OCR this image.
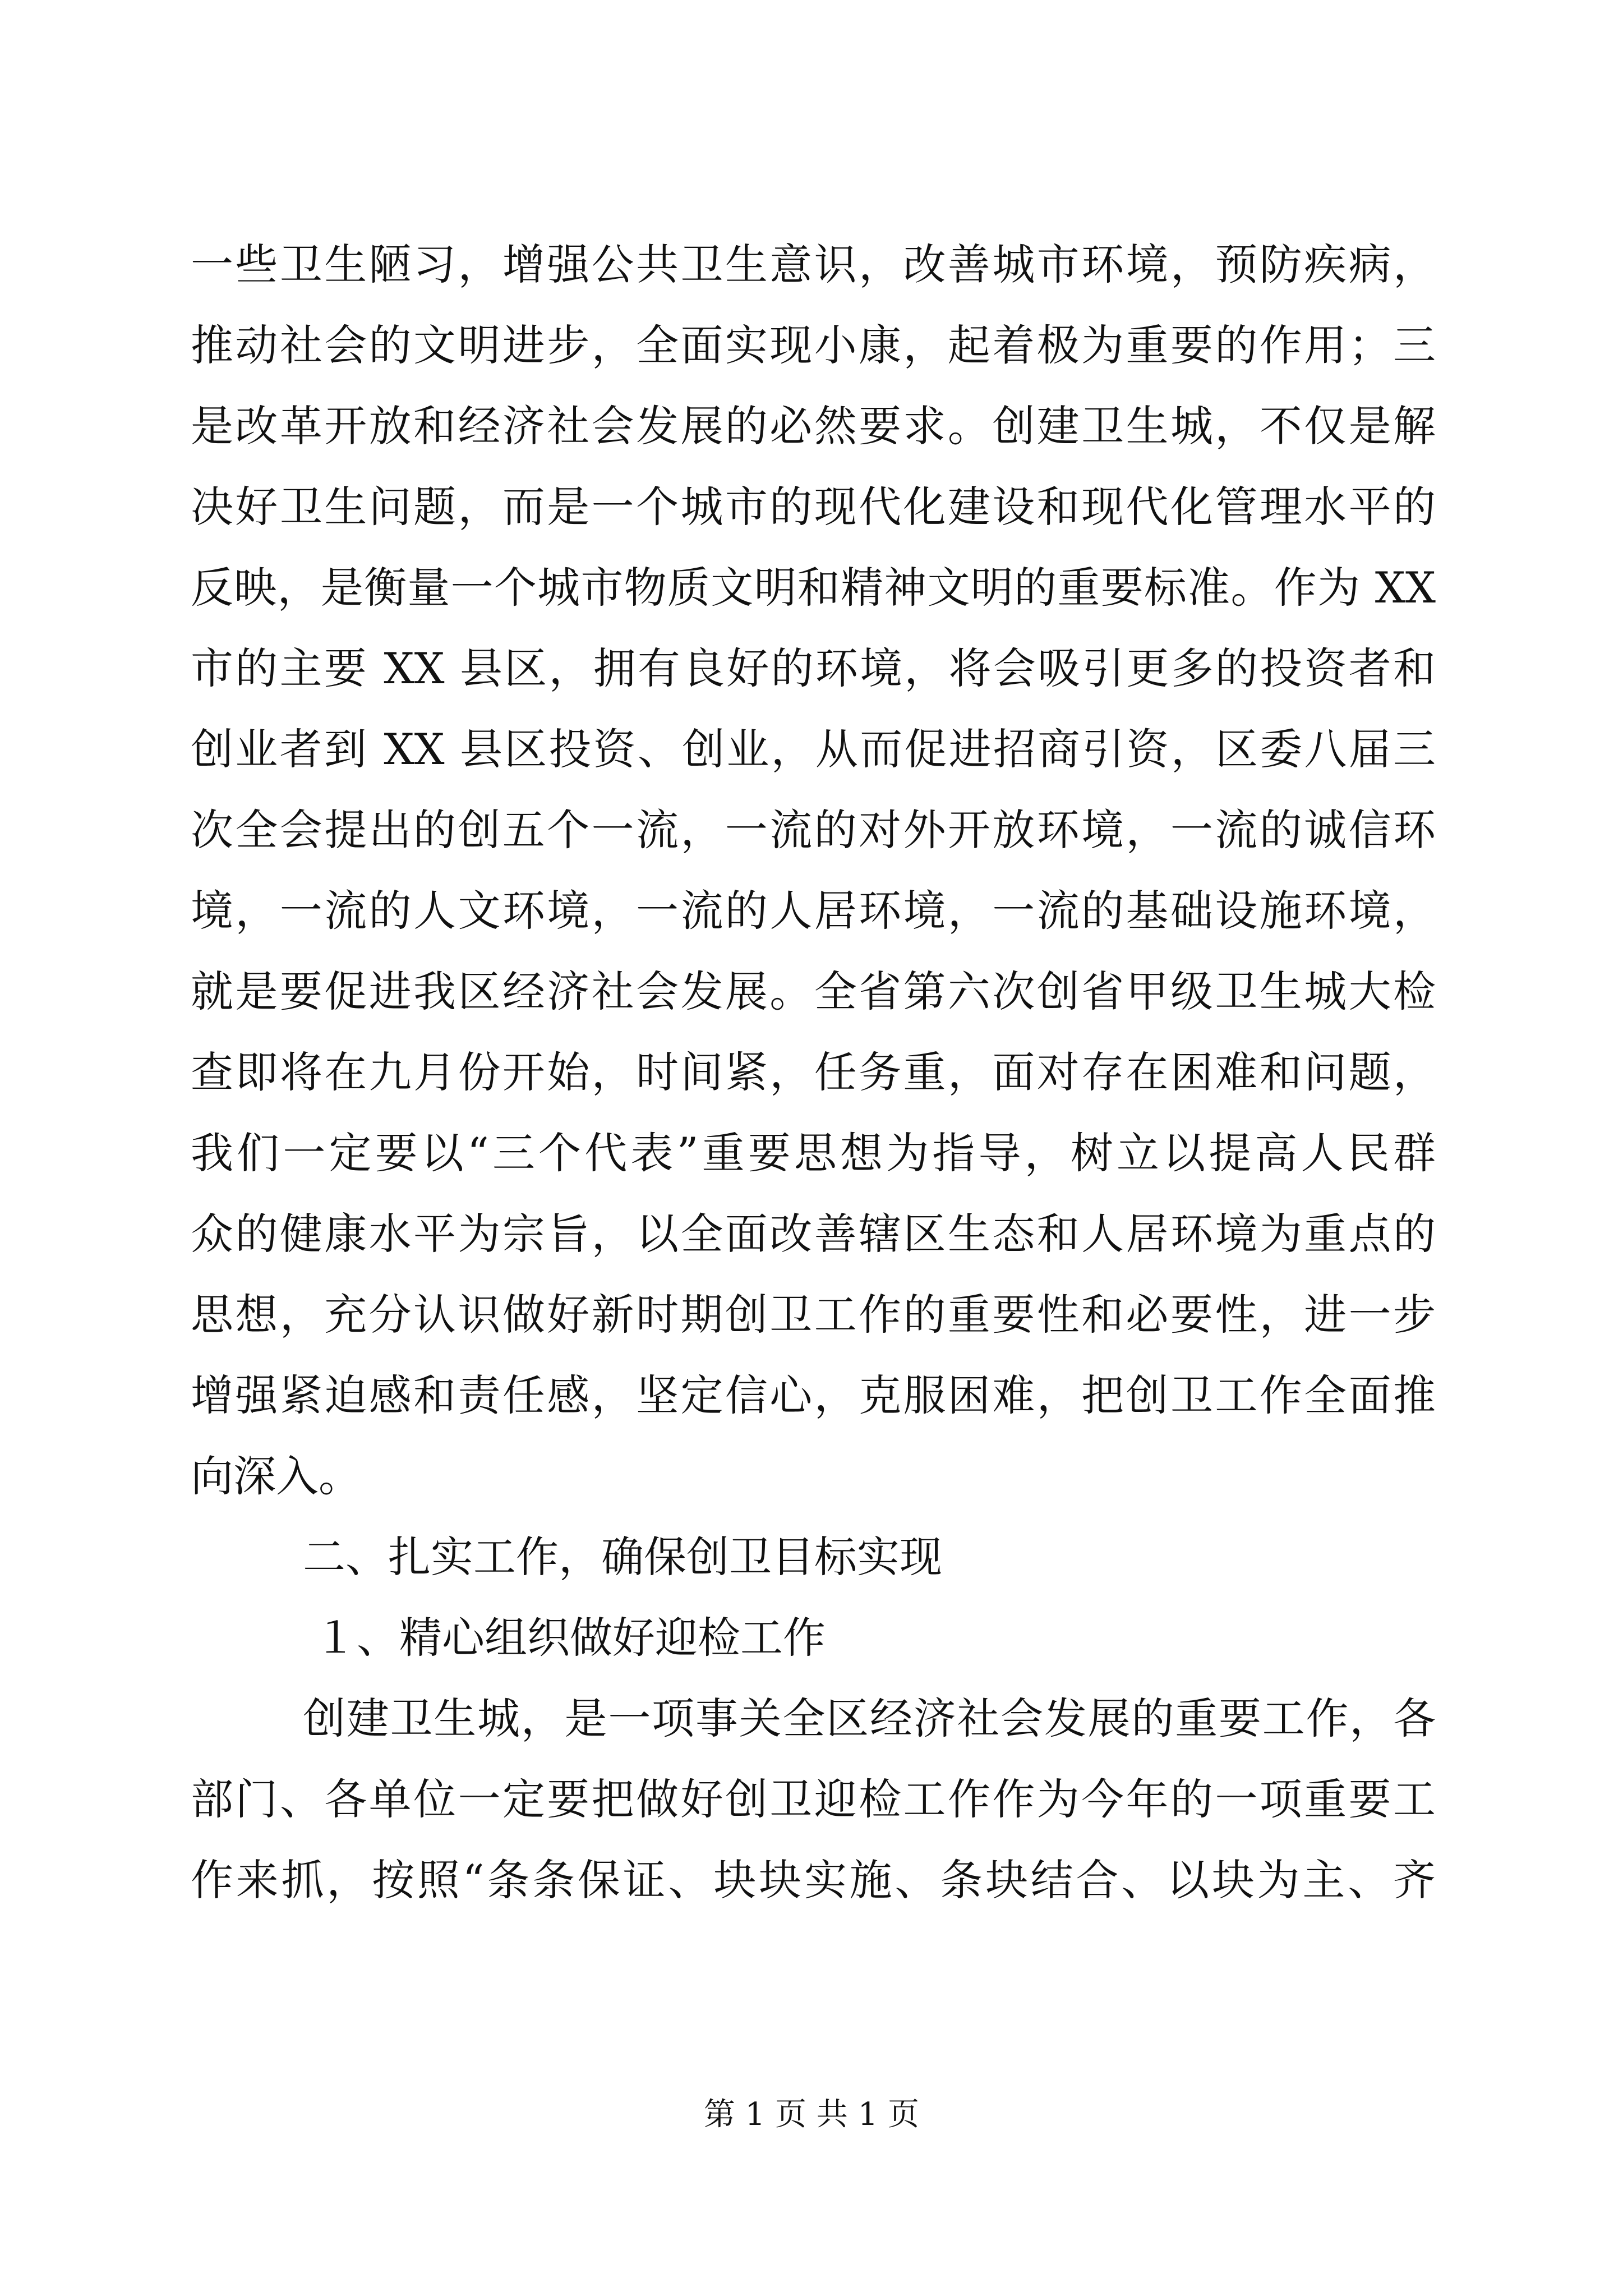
一些卫生陋习，增强公共卫生意识，改善城市环境，预防疾病，
推动社会的文明进步，全面实现小康，起着极为重要的作用；三
是改革开放和经济社会发展的必然要求。创建卫生城，不仅是解
决好卫生问题，而是一个城市的现代化建设和现代化管理水平的
反映，是衡量一个城市物质文明和精神文明的重要标准。作为 XX
市的主要 XX 县区，拥有良好的环境，将会吸引更多的投资者和
创业者到 XX 县区投资、创业，从而促进招商引资，区委八届三
次全会提出的创五个一流，一流的对外开放环境，一流的诚信环
境，一流的人文环境，一流的人居环境，一流的基础设施环境，
就是要促进我区经济社会发展。全省第六次创省甲级卫生城大检
查即将在九月份开始，时间紧，任务重，面对存在困难和问题，
我们一定要以“三个代表”重要思想为指导，树立以提高人民群
众的健康水平为宗旨，以全面改善辖区生态和人居环境为重点的
思想，充分认识做好新时期创卫工作的重要性和必要性，进一步
增强紧迫感和责任感，坚定信心，克服困难，把创卫工作全面推
向深入。
二、扎实工作，确保创卫目标实现
１、精心组织做好迎检工作
创建卫生城，是一项事关全区经济社会发展的重要工作，各
部门、各单位一定要把做好创卫迎检工作作为今年的一项重要工
作来抓，按照“条条保证、块块实施、条块结合、以块为主、齐
第 1 页 共 1 页
